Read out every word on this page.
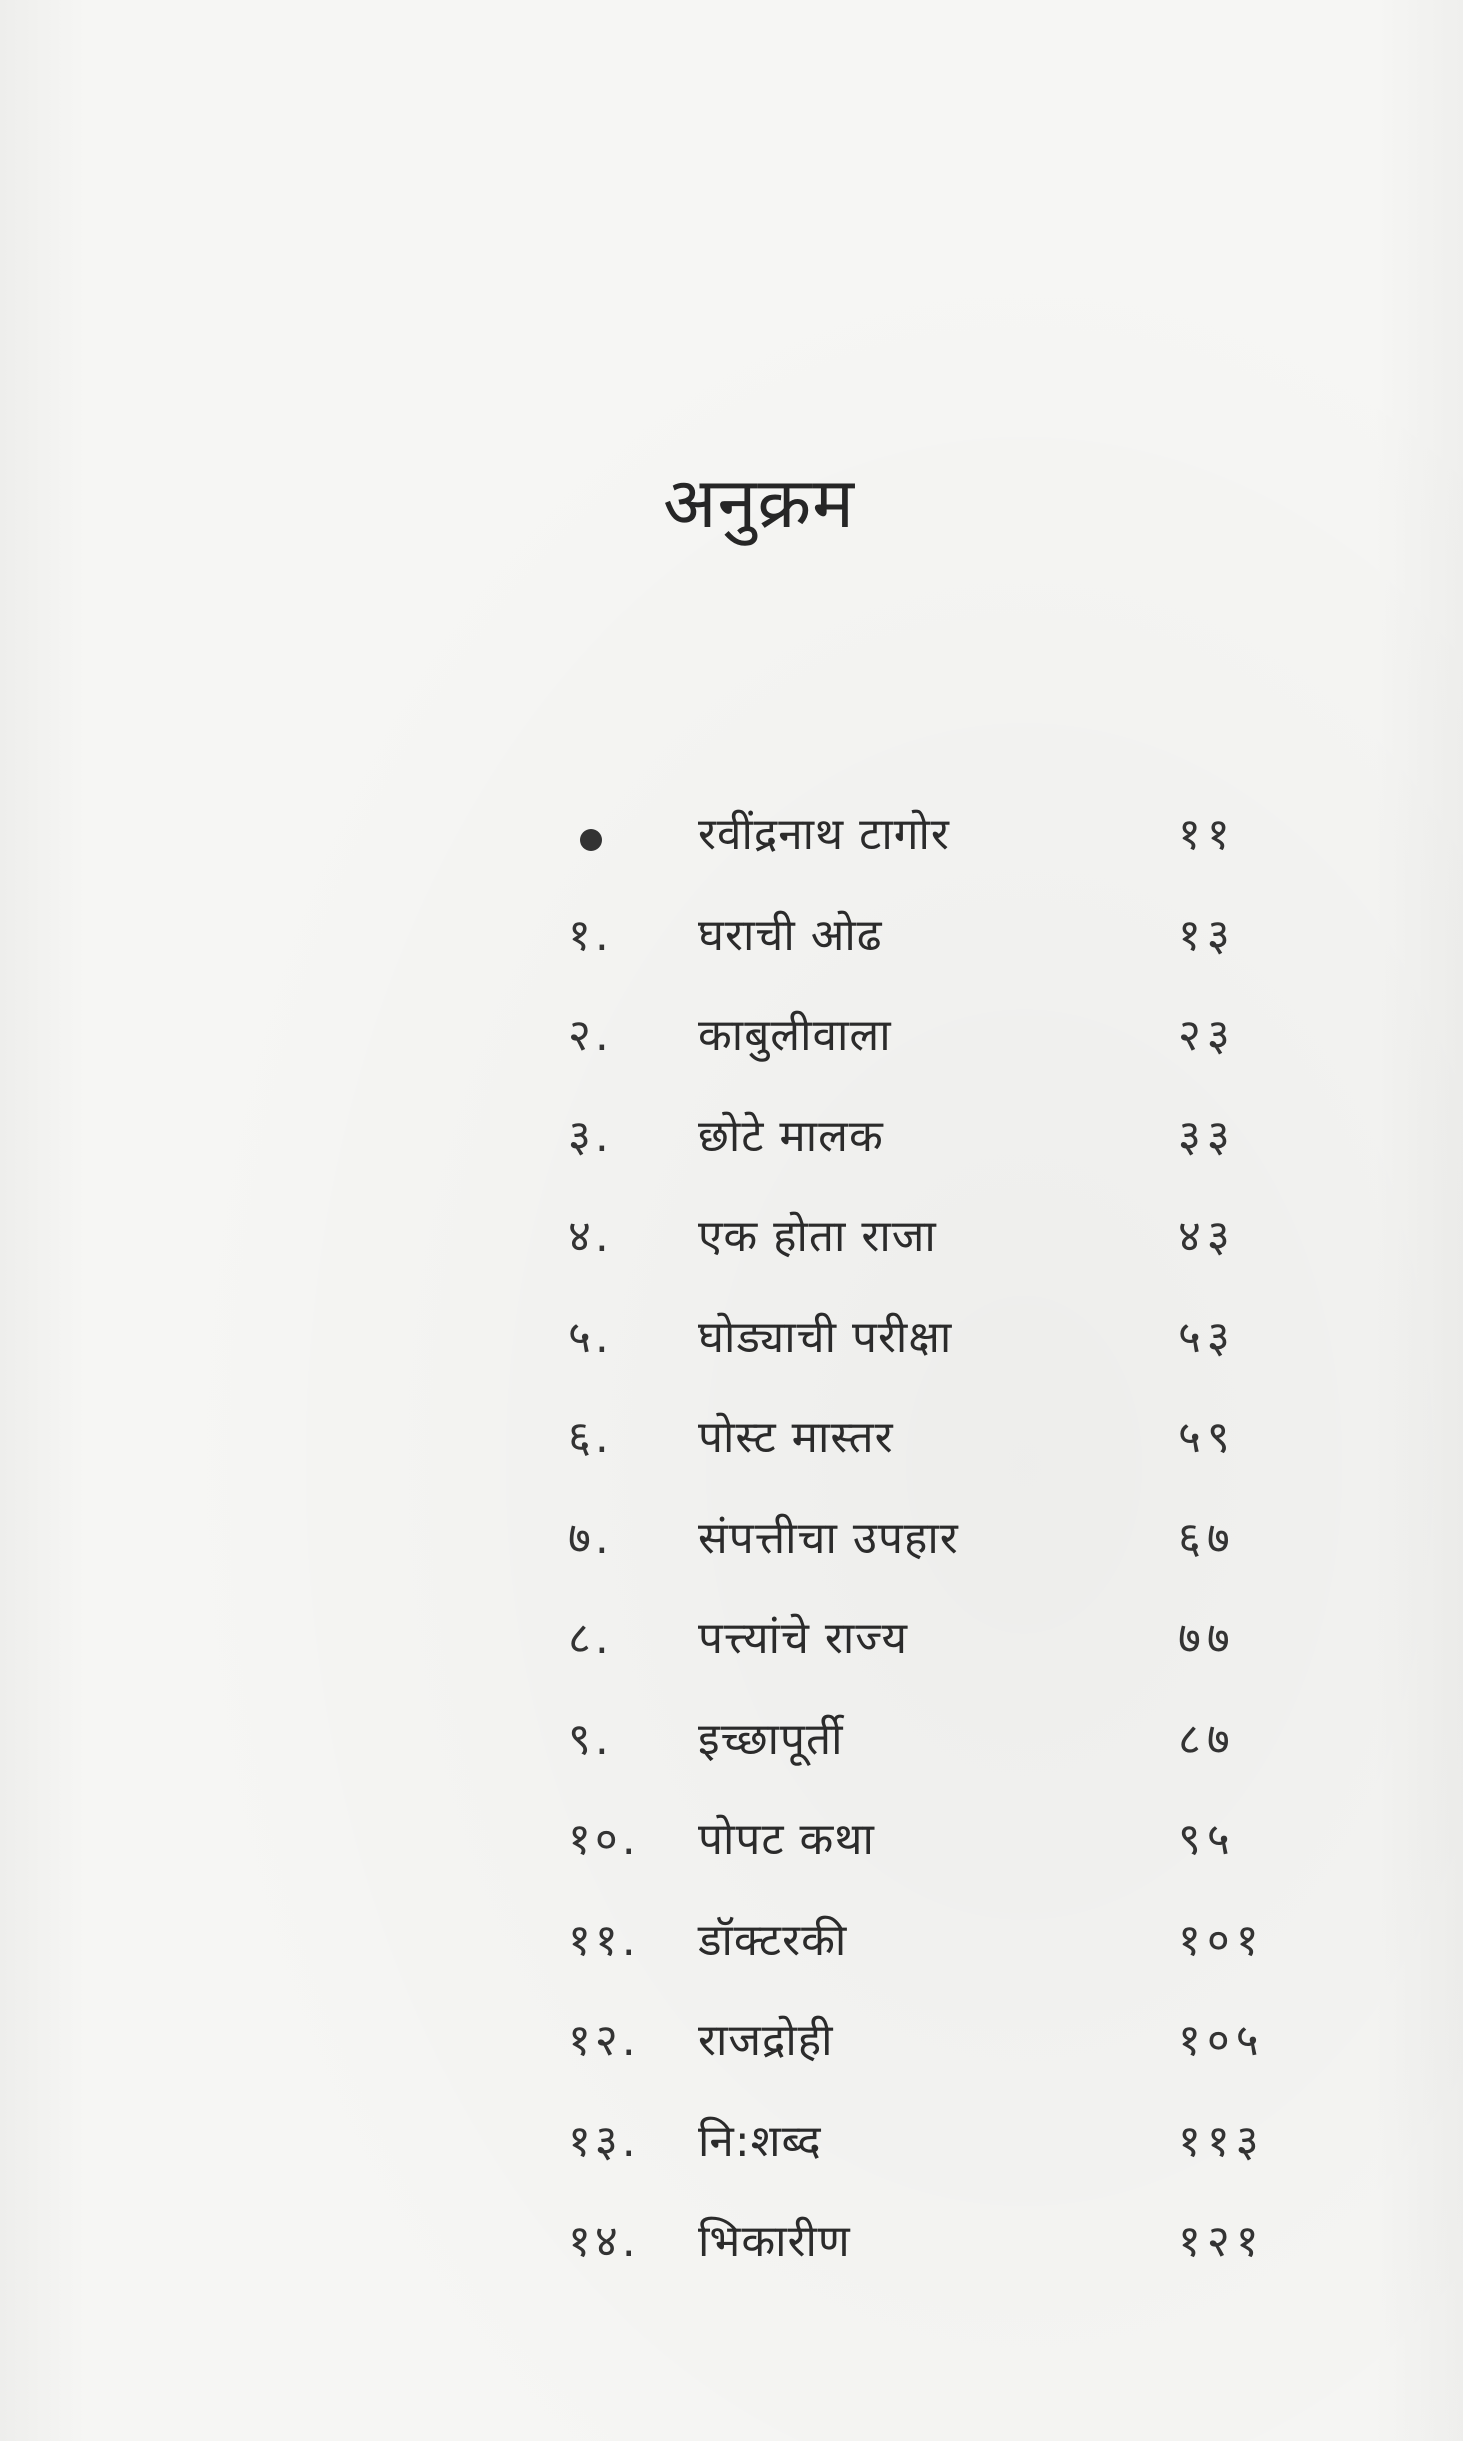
अनुक्रम
रवींद्रनाथ टागोर	११
१. घराची ओढ	१३
२. काबुलीवाला	२३
३. छोटे मालक	३३
४. एक होता राजा	४३
५. घोड्याची परीक्षा	५३
६. पोस्ट मास्तर	५९
७. संपत्तीचा उपहार	६७
८. पत्त्यांचे राज्य	७७
९. इच्छापूर्ती	८७
१०. पोपट कथा	९५
११. डॉक्टरकी	१०१
१२. राजद्रोही	१०५
१३. नि:शब्द	११३
१४. भिकारीण	१२१
